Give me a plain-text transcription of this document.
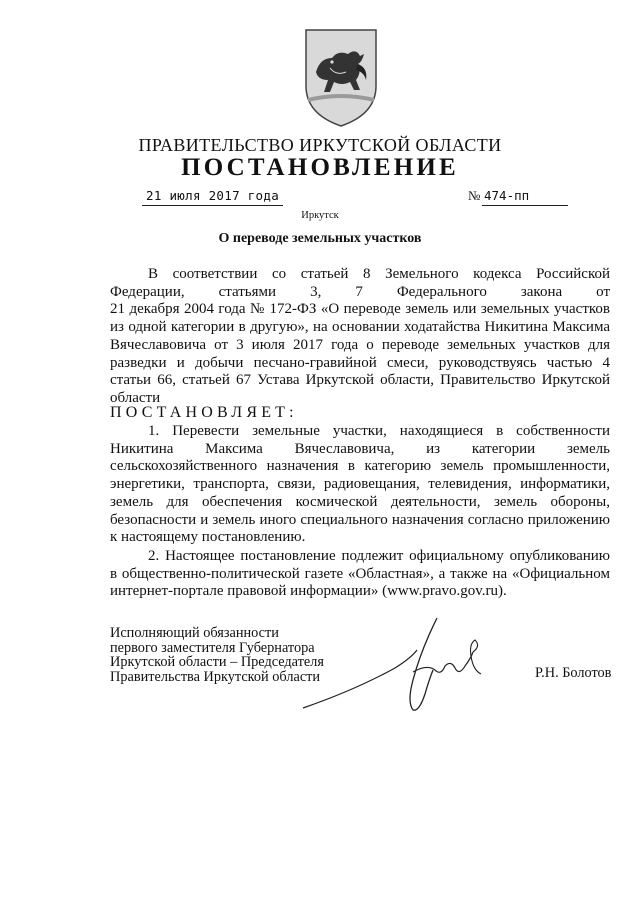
ПРАВИТЕЛЬСТВО ИРКУТСКОЙ ОБЛАСТИ
ПОСТАНОВЛЕНИЕ
21 июля 2017 года	№ 474-пп
Иркутск
О переводе земельных участков
В соответствии со статьей 8 Земельного кодекса Российской
Федерации, статьями 3, 7 Федерального закона от
21 декабря 2004 года № 172-ФЗ «О переводе земель или земельных участков
из одной категории в другую», на основании ходатайства Никитина Максима
Вячеславовича от 3 июля 2017 года о переводе земельных участков для
разведки и добычи песчано-гравийной смеси, руководствуясь частью 4
статьи 66, статьей 67 Устава Иркутской области, Правительство Иркутской
области
ПОСТАНОВЛЯЕТ:
1. Перевести земельные участки, находящиеся в собственности
Никитина Максима Вячеславовича, из категории земель
сельскохозяйственного назначения в категорию земель промышленности,
энергетики, транспорта, связи, радиовещания, телевидения, информатики,
земель для обеспечения космической деятельности, земель обороны,
безопасности и земель иного специального назначения согласно приложению
к настоящему постановлению.
2. Настоящее постановление подлежит официальному опубликованию
в общественно-политической газете «Областная», а также на «Официальном
интернет-портале правовой информации» (www.pravo.gov.ru).
Исполняющий обязанности
первого заместителя Губернатора
Иркутской области – Председателя
Правительства Иркутской области	Р.Н. Болотов
